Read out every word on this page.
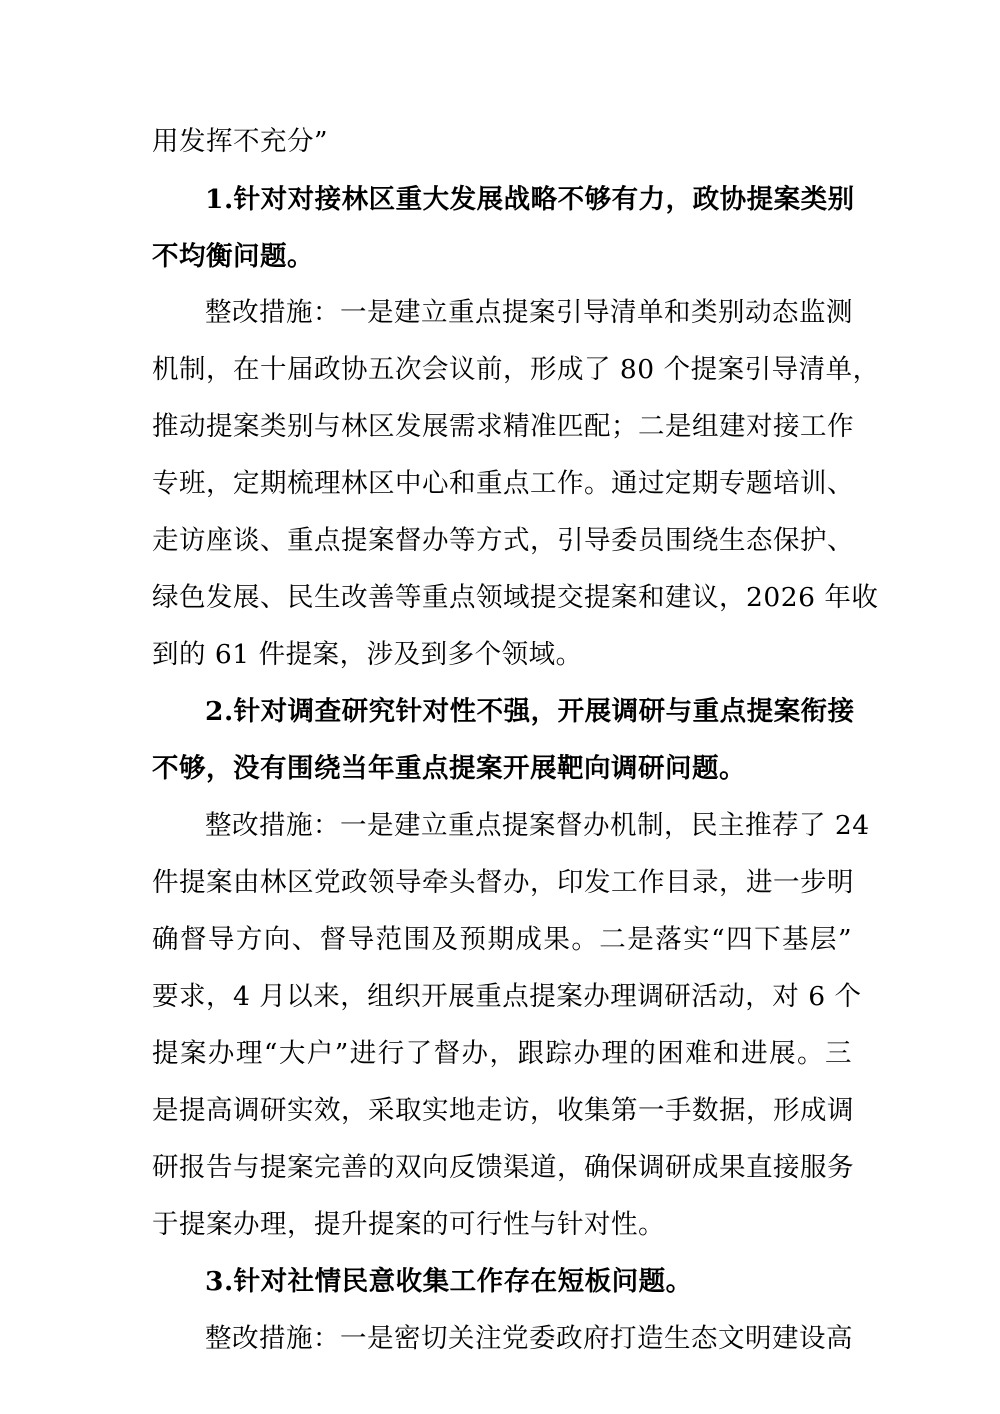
用发挥不充分”
1.针对对接林区重大发展战略不够有力，政协提案类别
不均衡问题。
整改措施：一是建立重点提案引导清单和类别动态监测
机制，在十届政协五次会议前，形成了 80 个提案引导清单，
推动提案类别与林区发展需求精准匹配；二是组建对接工作
专班，定期梳理林区中心和重点工作。通过定期专题培训、
走访座谈、重点提案督办等方式，引导委员围绕生态保护、
绿色发展、民生改善等重点领域提交提案和建议，2026 年收
到的 61 件提案，涉及到多个领域。
2.针对调查研究针对性不强，开展调研与重点提案衔接
不够，没有围绕当年重点提案开展靶向调研问题。
整改措施：一是建立重点提案督办机制，民主推荐了 24
件提案由林区党政领导牵头督办，印发工作目录，进一步明
确督导方向、督导范围及预期成果。二是落实“四下基层”
要求，4 月以来，组织开展重点提案办理调研活动，对 6 个
提案办理“大户”进行了督办，跟踪办理的困难和进展。三
是提高调研实效，采取实地走访，收集第一手数据，形成调
研报告与提案完善的双向反馈渠道，确保调研成果直接服务
于提案办理，提升提案的可行性与针对性。
3.针对社情民意收集工作存在短板问题。
整改措施：一是密切关注党委政府打造生态文明建设高
